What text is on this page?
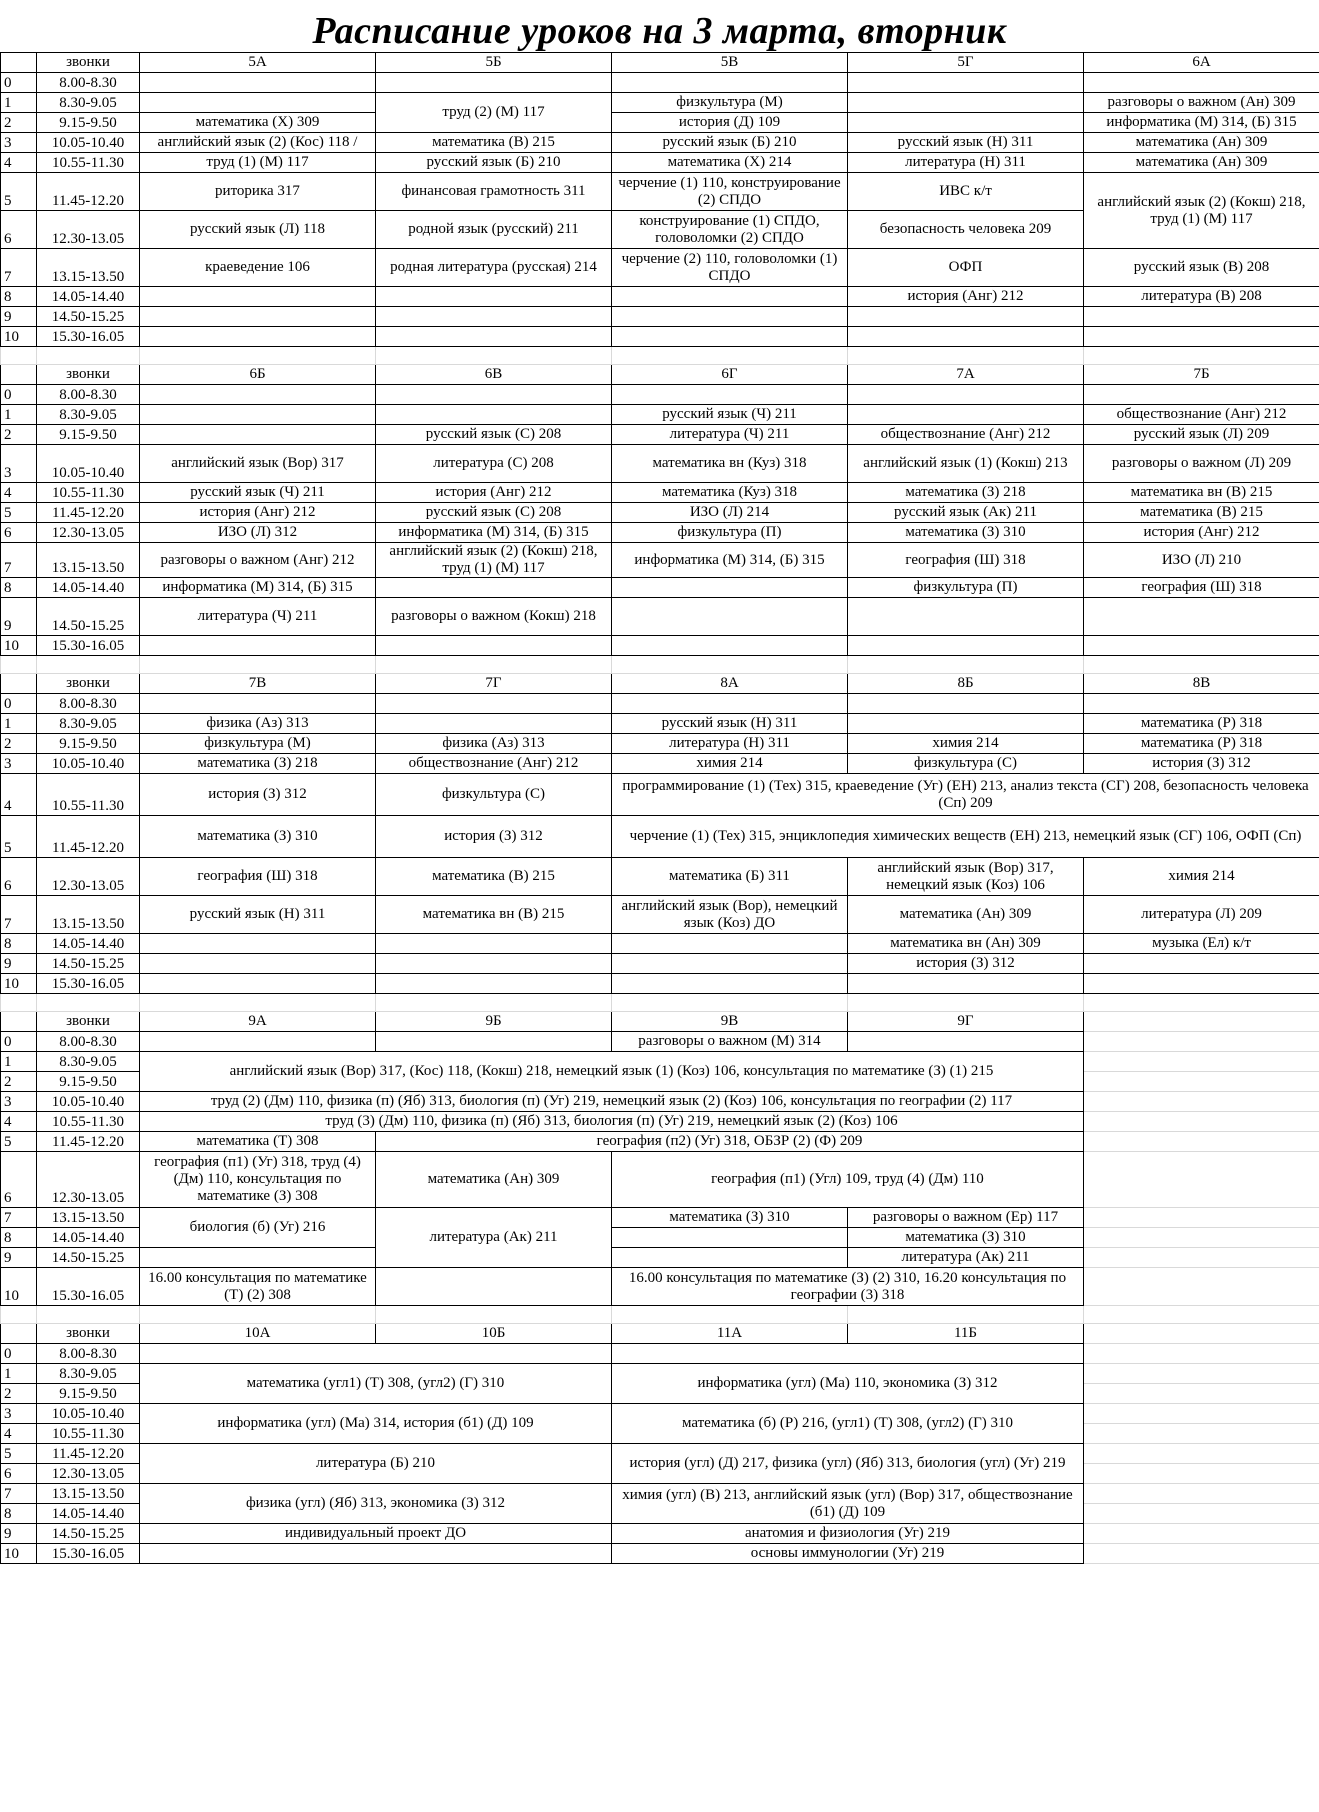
Расписание уроков на 3 марта, вторник
	звонки	5А	5Б	5В	5Г	6А
0	8.00-8.30					
1	8.30-9.05		труд (2) (М) 117	физкультура (М)		разговоры о важном (Ан) 309
2	9.15-9.50	математика (Х) 309		история (Д) 109		информатика (М) 314, (Б) 315
3	10.05-10.40	английский язык (2) (Кос) 118 /	математика (В) 215	русский язык (Б) 210	русский язык (Н) 311	математика (Ан) 309
4	10.55-11.30	труд (1) (М) 117	русский язык (Б) 210	математика (Х) 214	литература (Н) 311	математика (Ан) 309
5	11.45-12.20	риторика 317	финансовая грамотность 311	черчение (1) 110, конструирование (2) СПДО	ИВС к/т	английский язык (2) (Кокш) 218, труд (1) (М) 117
6	12.30-13.05	русский язык (Л) 118	родной язык (русский) 211	конструирование (1) СПДО, головоломки (2) СПДО	безопасность человека 209	
7	13.15-13.50	краеведение 106	родная литература (русская) 214	черчение (2) 110, головоломки (1) СПДО	ОФП	русский язык (В) 208
8	14.05-14.40				история (Анг) 212	литература (В) 208
9	14.50-15.25					
10	15.30-16.05					

	звонки	6Б	6В	6Г	7А	7Б
0	8.00-8.30					
1	8.30-9.05			русский язык (Ч) 211		обществознание (Анг) 212
2	9.15-9.50		русский язык (С) 208	литература (Ч) 211	обществознание (Анг) 212	русский язык (Л) 209
3	10.05-10.40	английский язык (Вор) 317	литература (С) 208	математика вн (Куз) 318	английский язык (1) (Кокш) 213	разговоры о важном (Л) 209
4	10.55-11.30	русский язык (Ч) 211	история (Анг) 212	математика (Куз) 318	математика (З) 218	математика вн (В) 215
5	11.45-12.20	история (Анг) 212	русский язык (С) 208	ИЗО (Л) 214	русский язык (Ак) 211	математика (В) 215
6	12.30-13.05	ИЗО (Л) 312	информатика (М) 314, (Б) 315	физкультура (П)	математика (З) 310	история (Анг) 212
7	13.15-13.50	разговоры о важном (Анг) 212	английский язык (2) (Кокш) 218, труд (1) (М) 117	информатика (М) 314, (Б) 315	география (Ш) 318	ИЗО (Л) 210
8	14.05-14.40	информатика (М) 314, (Б) 315			физкультура (П)	география (Ш) 318
9	14.50-15.25	литература (Ч) 211	разговоры о важном (Кокш) 218			
10	15.30-16.05					

	звонки	7В	7Г	8А	8Б	8В
0	8.00-8.30					
1	8.30-9.05	физика (Аз) 313		русский язык (Н) 311		математика (Р) 318
2	9.15-9.50	физкультура (М)	физика (Аз) 313	литература (Н) 311	химия 214	математика (Р) 318
3	10.05-10.40	математика (З) 218	обществознание (Анг) 212	химия 214	физкультура (С)	история (З) 312
4	10.55-11.30	история (З) 312	физкультура (С)	программирование (1) (Тех) 315, краеведение (Уг) (ЕН) 213, анализ текста (СГ) 208, безопасность человека (Сп) 209		
5	11.45-12.20	математика (З) 310	история (З) 312	черчение (1) (Тех) 315, энциклопедия химических веществ (ЕН) 213, немецкий язык (СГ) 106, ОФП (Сп)		
6	12.30-13.05	география (Ш) 318	математика (В) 215	математика (Б) 311	английский язык (Вор) 317, немецкий язык (Коз) 106	химия 214
7	13.15-13.50	русский язык (Н) 311	математика вн (В) 215	английский язык (Вор), немецкий язык (Коз) ДО	математика (Ан) 309	литература (Л) 209
8	14.05-14.40				математика вн (Ан) 309	музыка (Ел) к/т
9	14.50-15.25				история (З) 312	
10	15.30-16.05					

	звонки	9А	9Б	9В	9Г	
0	8.00-8.30			разговоры о важном (М) 314		
1	8.30-9.05	английский язык (Вор) 317, (Кос) 118, (Кокш) 218, немецкий язык (1) (Коз) 106, консультация по математике (З) (1) 215				
2	9.15-9.50					
3	10.05-10.40	труд (2) (Дм) 110, физика (п) (Яб) 313, биология (п) (Уг) 219, немецкий язык (2) (Коз) 106, консультация по географии (2) 117				
4	10.55-11.30	труд (3) (Дм) 110, физика (п) (Яб) 313, биология (п) (Уг) 219, немецкий язык (2) (Коз) 106				
5	11.45-12.20	математика (Т) 308	география (п2) (Уг) 318, ОБЗР (2) (Ф) 209			
6	12.30-13.05	география (п1) (Уг) 318, труд (4) (Дм) 110, консультация по математике (З) 308	математика (Ан) 309	география (п1) (Угл) 109, труд (4) (Дм) 110		
7	13.15-13.50	биология (б) (Уг) 216	литература (Ак) 211	математика (З) 310	разговоры о важном (Ер) 117	
8	14.05-14.40				математика (З) 310	
9	14.50-15.25				литература (Ак) 211	
10	15.30-16.05	16.00 консультация по математике (Т) (2) 308		16.00 консультация по математике (З) (2) 310, 16.20 консультация по географии (3) 318		

	звонки	10А	10Б	11А	11Б	
0	8.00-8.30					
1	8.30-9.05	математика (угл1) (Т) 308, (угл2) (Г) 310		информатика (угл) (Ма) 110, экономика (З) 312		
2	9.15-9.50					
3	10.05-10.40	информатика (угл) (Ма) 314, история (б1) (Д) 109		математика (б) (Р) 216, (угл1) (Т) 308, (угл2) (Г) 310		
4	10.55-11.30					
5	11.45-12.20	литература (Б) 210		история (угл) (Д) 217, физика (угл) (Яб) 313, биология (угл) (Уг) 219		
6	12.30-13.05					
7	13.15-13.50	физика (угл) (Яб) 313, экономика (З) 312		химия (угл) (В) 213, английский язык (угл) (Вор) 317, обществознание (б1) (Д) 109		
8	14.05-14.40					
9	14.50-15.25	индивидуальный проект ДО		анатомия и физиология (Уг) 219		
10	15.30-16.05			основы иммунологии (Уг) 219		
